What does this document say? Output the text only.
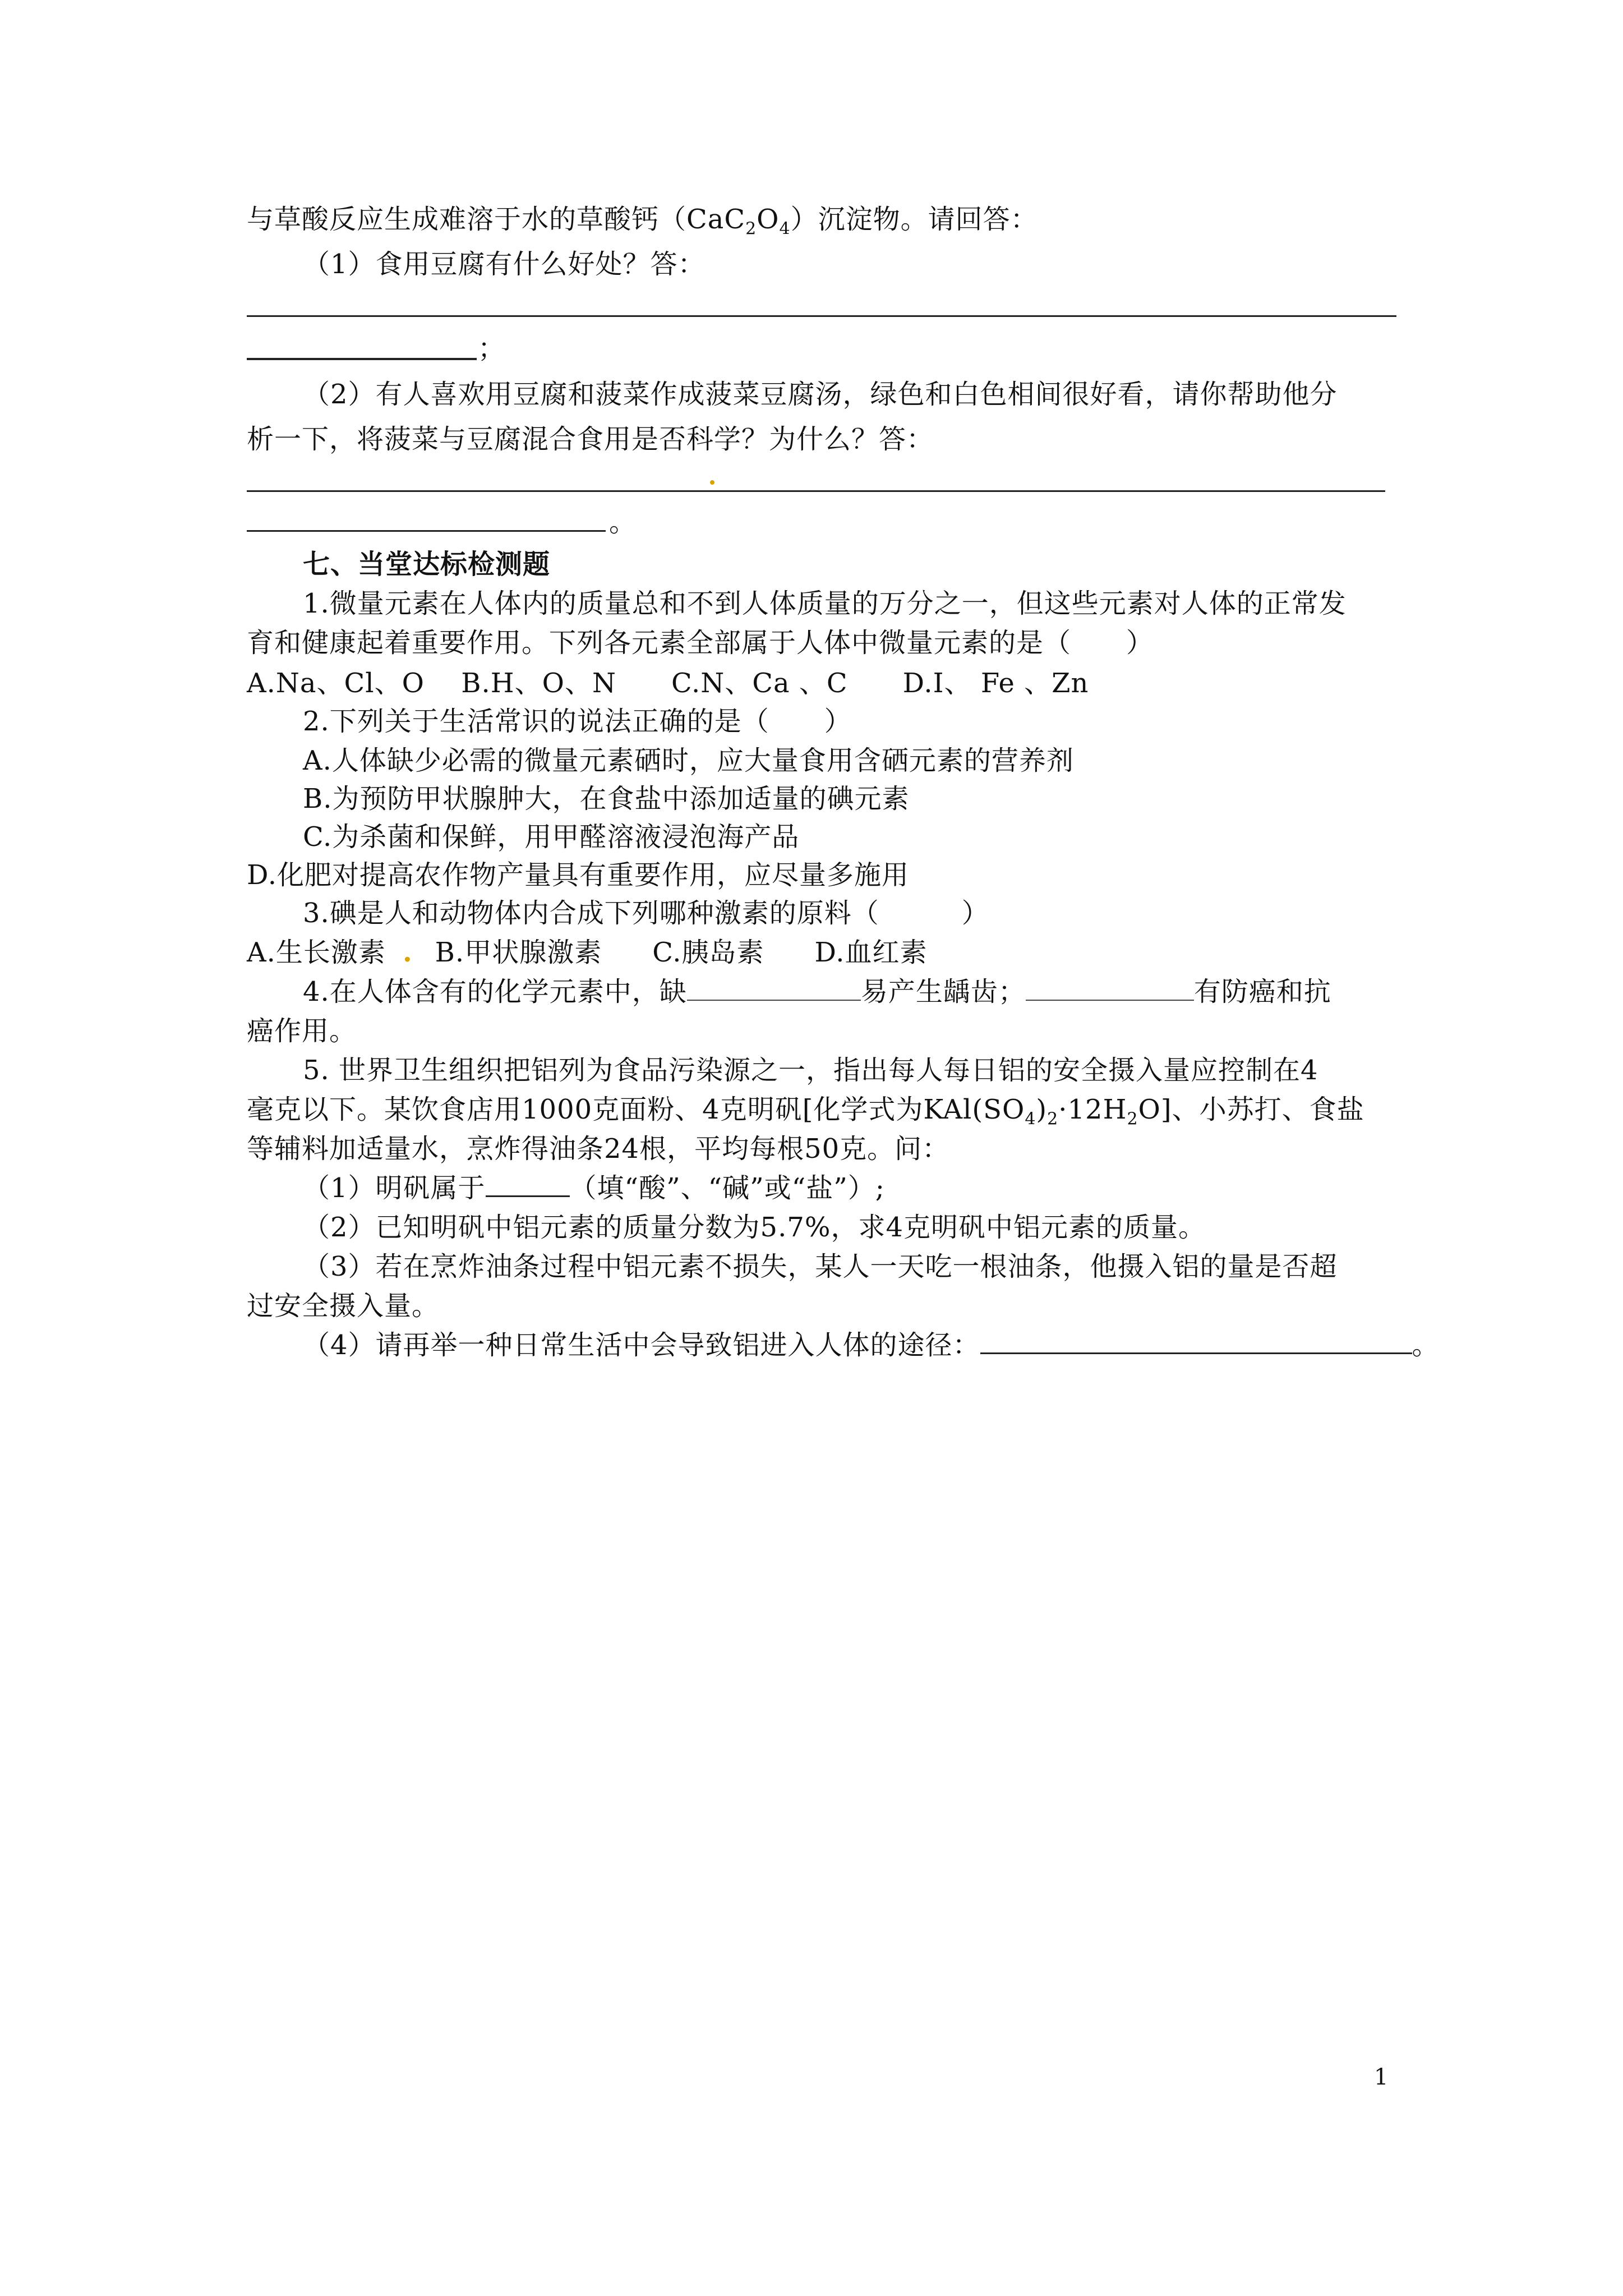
与草酸反应生成难溶于水的草酸钙$(CaC_2O_4)$沉淀物。请回答：
（1）食用豆腐有什么好处？答：
；
（2）有人喜欢用豆腐和菠菜作成菠菜豆腐汤，绿色和白色相间很好看，请你帮助他分
析一下，将菠菜与豆腐混合食用是否科学？为什么？答：
。
七、当堂达标检测题
1.微量元素在人体内的质量总和不到人体质量的万分之一，但这些元素对人体的正常发
育和健康起着重要作用。下列各元素全部属于人体中微量元素的是（　　）
A.Na、Cl、O　 B.H、O、N　　C.N、Ca 、C　　D.I、 Fe 、Zn
2.下列关于生活常识的说法正确的是（　　）
A.人体缺少必需的微量元素硒时，应大量食用含硒元素的营养剂
B.为预防甲状腺肿大，在食盐中添加适量的碘元素
C.为杀菌和保鲜，用甲醛溶液浸泡海产品
D.化肥对提高农作物产量具有重要作用，应尽量多施用
3.碘是人和动物体内合成下列哪种激素的原料（　　　）
A.生长激素 . B.甲状腺激素 C.胰岛素 D.血红素
4.在人体含有的化学元素中，缺	易产生龋齿；	有防癌和抗
癌作用。
5. 世界卫生组织把铝列为食品污染源之一，指出每人每日铝的安全摄入量应控制在4
毫克以下。某饮食店用1000克面粉、4克明矾[化学式为$KAl(SO_4)_2\cdot 12H_2O$]、小苏打、食盐
等辅料加适量水，烹炸得油条24根，平均每根50克。问：
（1）明矾属于	（填“酸”、“碱”或“盐”）;
（2）已知明矾中铝元素的质量分数为5.7%，求4克明矾中铝元素的质量。
（3）若在烹炸油条过程中铝元素不损失，某人一天吃一根油条，他摄入铝的量是否超
过安全摄入量。
（4）请再举一种日常生活中会导致铝进入人体的途径：	。
1
